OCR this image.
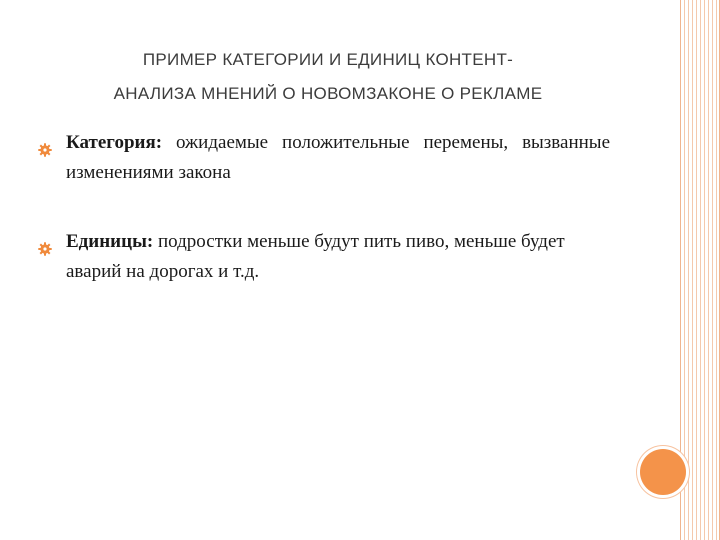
ПРИМЕР КАТЕГОРИИ И ЕДИНИЦ КОНТЕНТ-
АНАЛИЗА МНЕНИЙ О НОВОМЗАКОНЕ О РЕКЛАМЕ
Категория: ожидаемые положительные перемены, вызванные изменениями закона
Единицы: подростки меньше будут пить пиво, меньше будет аварий на дорогах и т.д.
